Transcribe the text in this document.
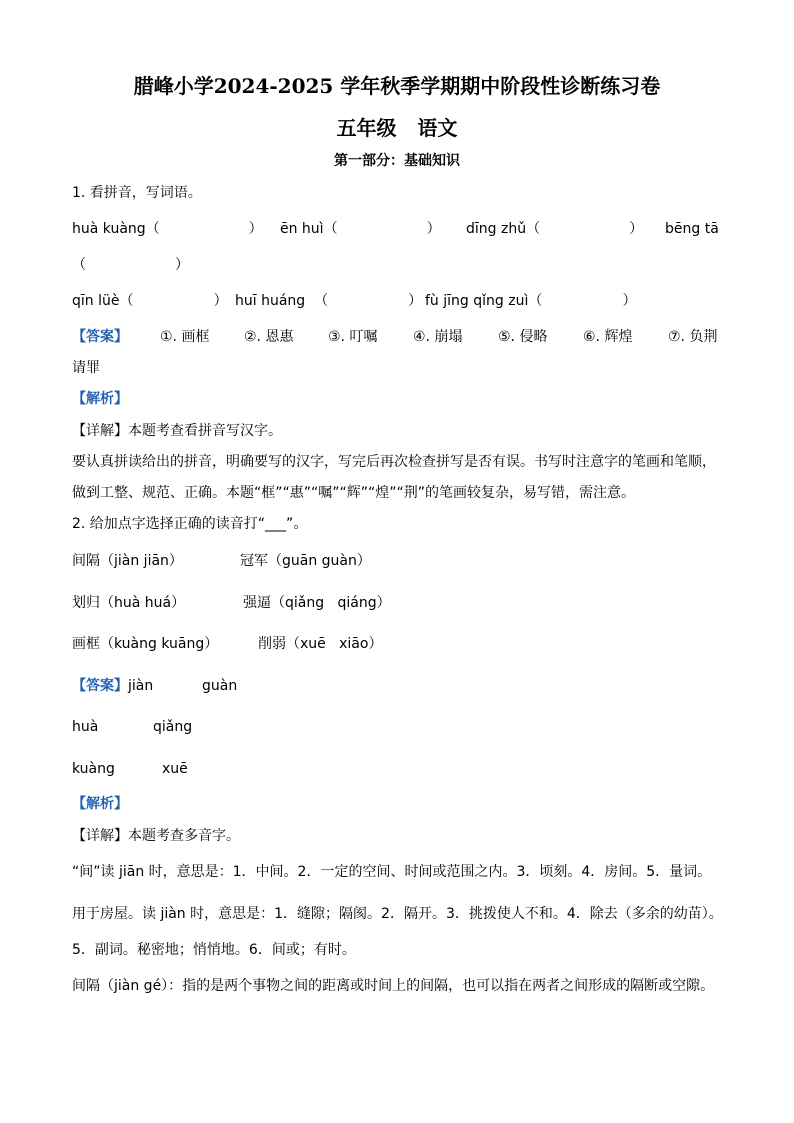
腊峰小学2024-2025 学年秋季学期期中阶段性诊断练习卷
五年级   语文
第一部分：基础知识
1. 看拼音，写词语。
huà kuàng（                    ） ēn huì（                    ） dīng zhǔ（                    ） bēng tā
（                    ）
qīn lüè（                  ） huī huáng  （                  ） fù jīng qǐng zuì（                  ）
【答案】 ①. 画框 ②. 恩惠 ③. 叮嘱	④. 崩塌	⑤. 侵略	⑥. 辉煌	⑦. 负荆
请罪
【解析】
【详解】本题考查看拼音写汉字。
要认真拼读给出的拼音，明确要写的汉字，写完后再次检查拼写是否有误。书写时注意字的笔画和笔顺，
做到工整、规范、正确。本题“框”“惠”“嘱”“辉”“煌”“荆”的笔画较复杂，易写错，需注意。
2. 给加点字选择正确的读音打“___”。
间隔（jiàn jiān）	冠军（guān guàn）
划归（huà huá）	强逼（qiǎng   qiáng）
画框（kuàng kuāng）	削弱（xuē   xiāo）
【答案】 jiàn	guàn
huà	qiǎng
kuàng	xuē
【解析】
【详解】本题考查多音字。
“间”读 jiān 时，意思是：1．中间。2．一定的空间、时间或范围之内。3．顷刻。4．房间。5．量词。
用于房屋。读 jiàn 时，意思是：1．缝隙；隔阂。2．隔开。3．挑拨使人不和。4．除去（多余的幼苗）。
5．副词。秘密地；悄悄地。6．间或；有时。
间隔（jiàn gé）：指的是两个事物之间的距离或时间上的间隔，也可以指在两者之间形成的隔断或空隙。
